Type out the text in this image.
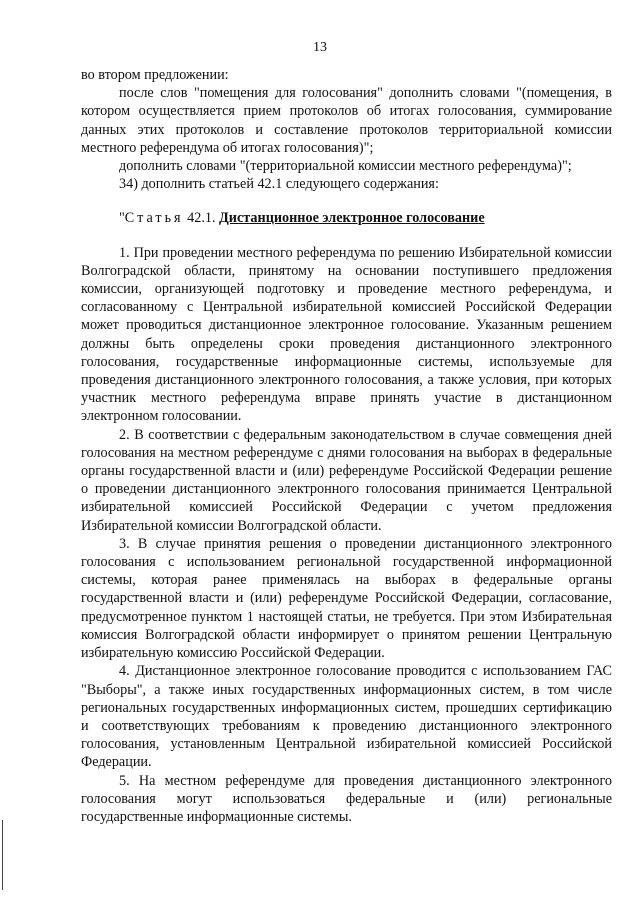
13

во втором предложении:

после слов "помещения для голосования" дополнить словами "(помещения, в котором осуществляется прием протоколов об итогах голосования, суммирование данных этих протоколов и составление протоколов территориальной комиссии местного референдума об итогах голосования)";

дополнить словами "(территориальной комиссии местного референдума)";

34) дополнить статьей 42.1 следующего содержания:

"Статья 42.1. Дистанционное электронное голосование

1. При проведении местного референдума по решению Избирательной комиссии Волгоградской области, принятому на основании поступившего предложения комиссии, организующей подготовку и проведение местного референдума, и согласованному с Центральной избирательной комиссией Российской Федерации может проводиться дистанционное электронное голосование. Указанным решением должны быть определены сроки проведения дистанционного электронного голосования, государственные информационные системы, используемые для проведения дистанционного электронного голосования, а также условия, при которых участник местного референдума вправе принять участие в дистанционном электронном голосовании.

2. В соответствии с федеральным законодательством в случае совмещения дней голосования на местном референдуме с днями голосования на выборах в федеральные органы государственной власти и (или) референдуме Российской Федерации решение о проведении дистанционного электронного голосования принимается Центральной избирательной комиссией Российской Федерации с учетом предложения Избирательной комиссии Волгоградской области.

3. В случае принятия решения о проведении дистанционного электронного голосования с использованием региональной государственной информационной системы, которая ранее применялась на выборах в федеральные органы государственной власти и (или) референдуме Российской Федерации, согласование, предусмотренное пунктом 1 настоящей статьи, не требуется. При этом Избирательная комиссия Волгоградской области информирует о принятом решении Центральную избирательную комиссию Российской Федерации.

4. Дистанционное электронное голосование проводится с использованием ГАС "Выборы", а также иных государственных информационных систем, в том числе региональных государственных информационных систем, прошедших сертификацию и соответствующих требованиям к проведению дистанционного электронного голосования, установленным Центральной избирательной комиссией Российской Федерации.

5. На местном референдуме для проведения дистанционного электронного голосования могут использоваться федеральные и (или) региональные государственные информационные системы.
